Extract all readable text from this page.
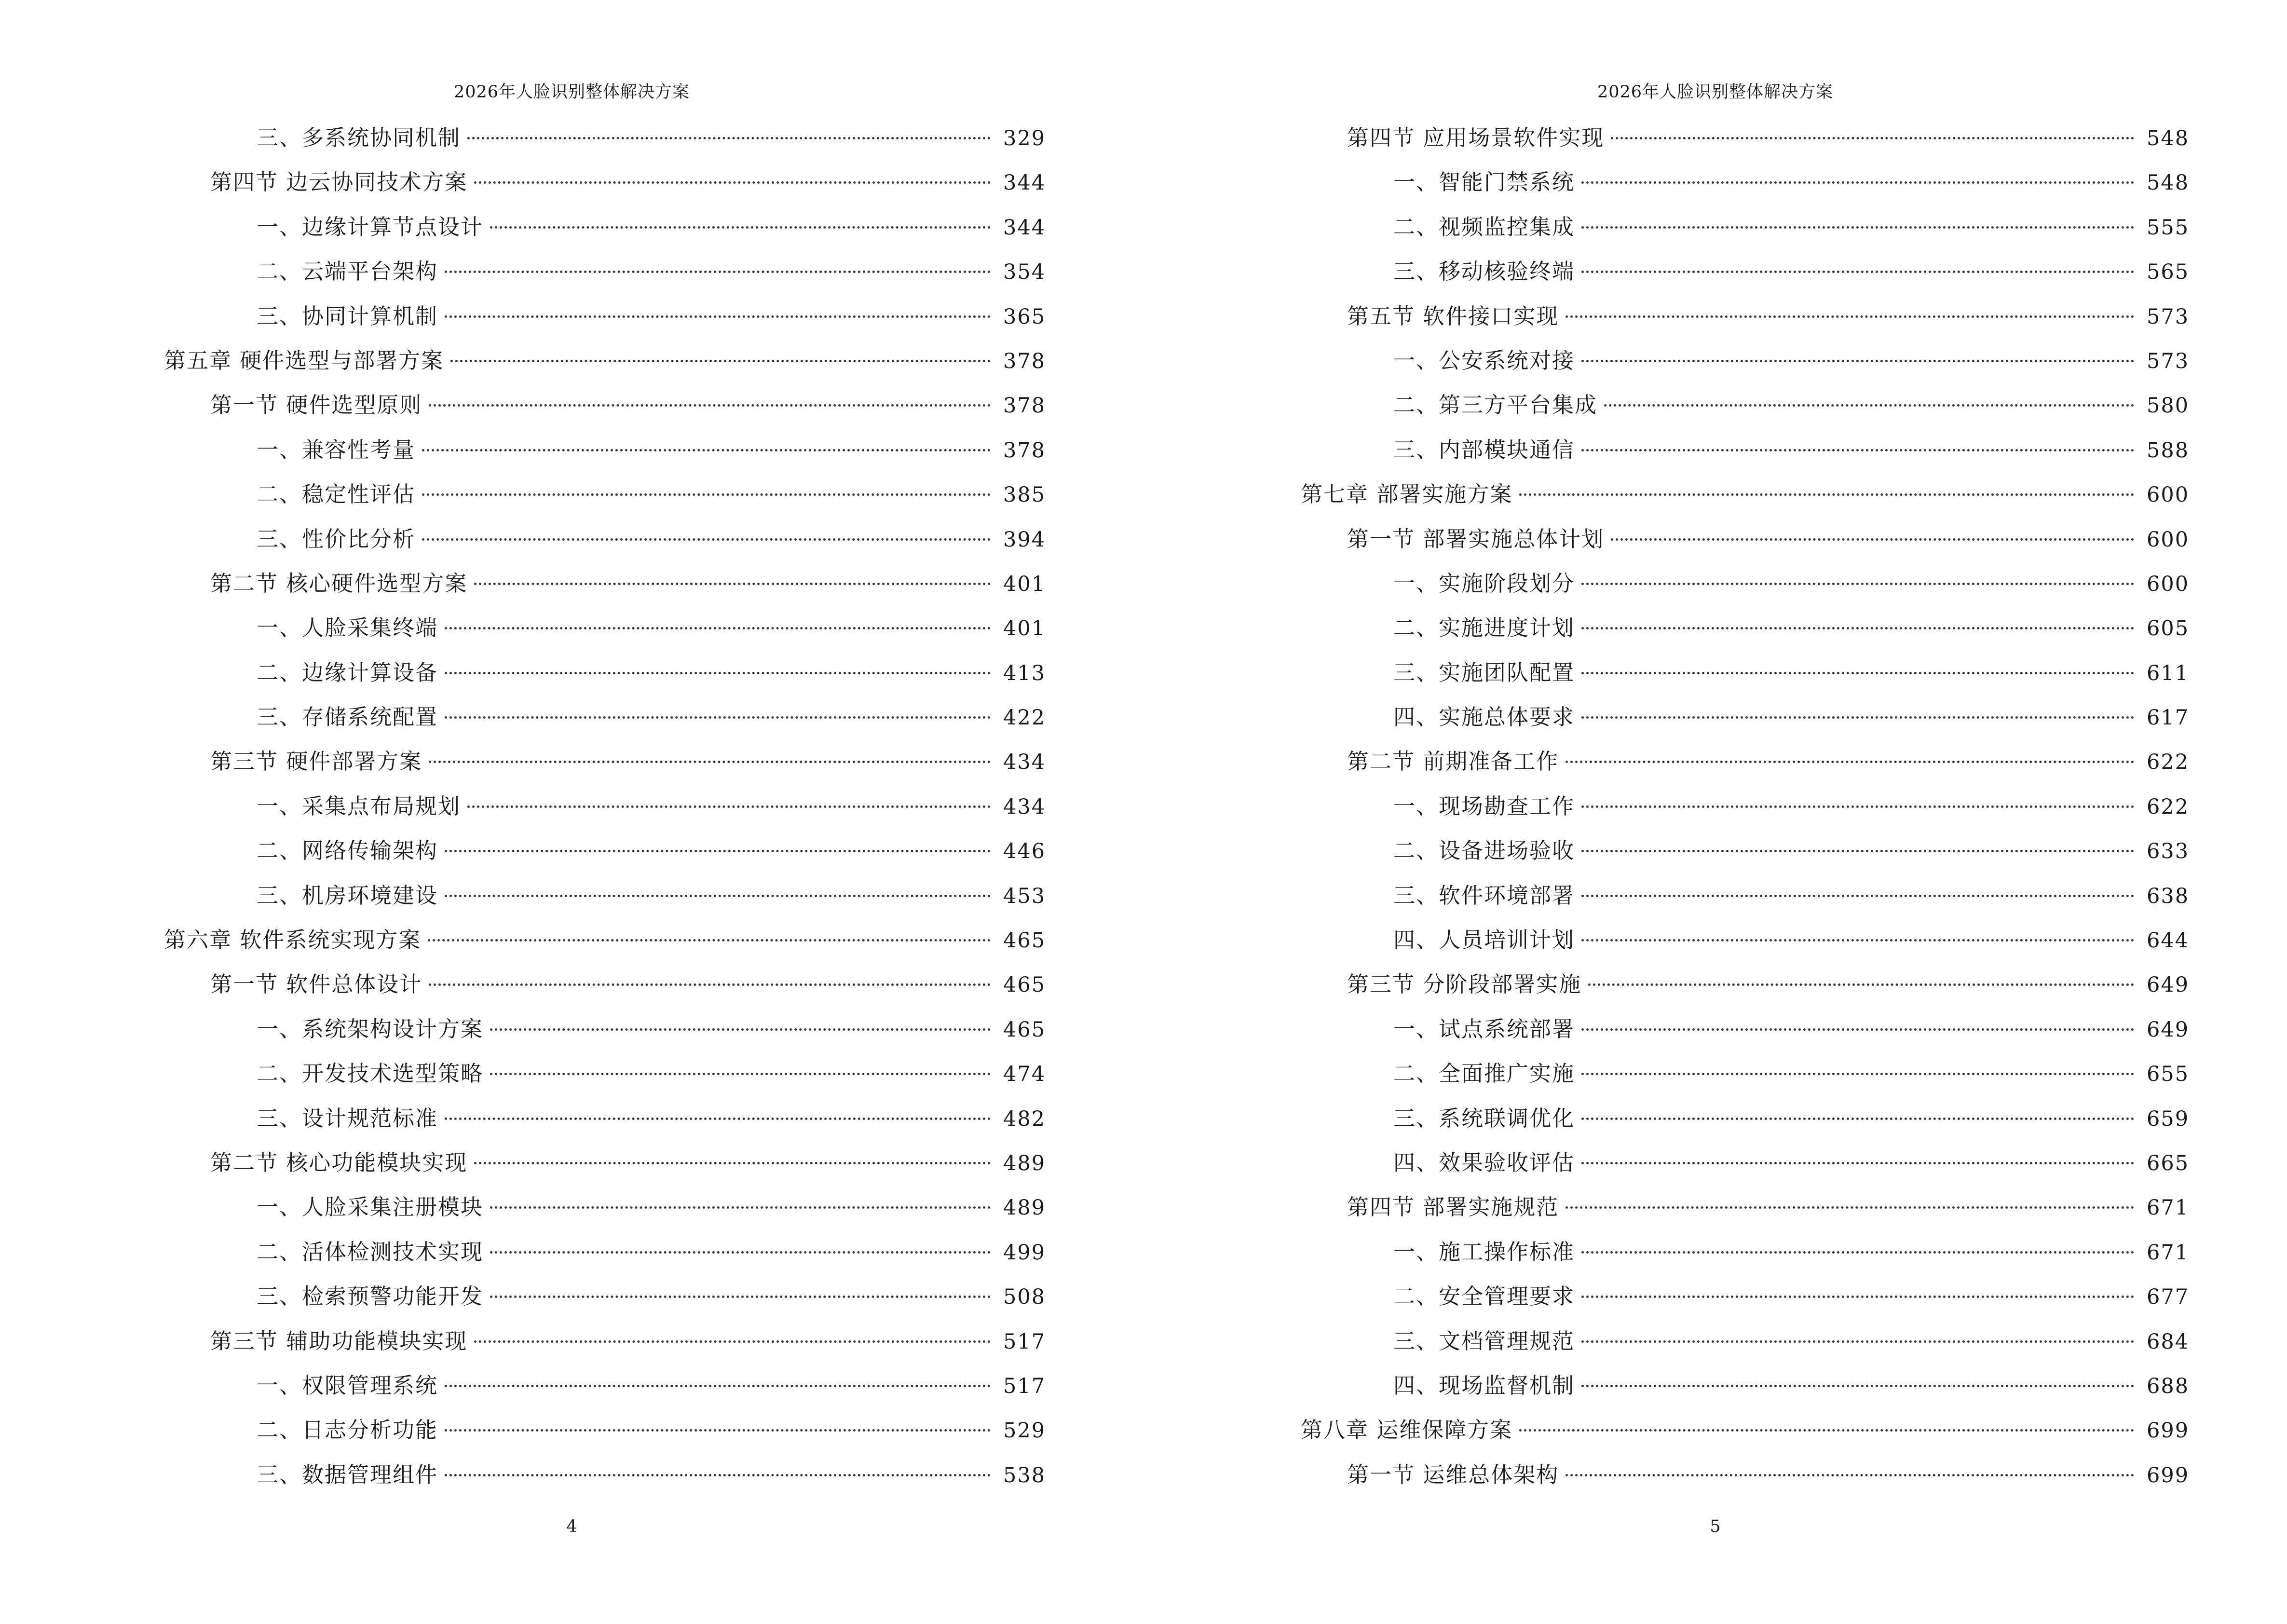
2026年人脸识别整体解决方案
三、多系统协同机制	329
第四节 边云协同技术方案	344
一、边缘计算节点设计	344
二、云端平台架构	354
三、协同计算机制	365
第五章 硬件选型与部署方案	378
第一节 硬件选型原则	378
一、兼容性考量	378
二、稳定性评估	385
三、性价比分析	394
第二节 核心硬件选型方案	401
一、人脸采集终端	401
二、边缘计算设备	413
三、存储系统配置	422
第三节 硬件部署方案	434
一、采集点布局规划	434
二、网络传输架构	446
三、机房环境建设	453
第六章 软件系统实现方案	465
第一节 软件总体设计	465
一、系统架构设计方案	465
二、开发技术选型策略	474
三、设计规范标准	482
第二节 核心功能模块实现	489
一、人脸采集注册模块	489
二、活体检测技术实现	499
三、检索预警功能开发	508
第三节 辅助功能模块实现	517
一、权限管理系统	517
二、日志分析功能	529
三、数据管理组件	538
4
2026年人脸识别整体解决方案
第四节 应用场景软件实现	548
一、智能门禁系统	548
二、视频监控集成	555
三、移动核验终端	565
第五节 软件接口实现	573
一、公安系统对接	573
二、第三方平台集成	580
三、内部模块通信	588
第七章 部署实施方案	600
第一节 部署实施总体计划	600
一、实施阶段划分	600
二、实施进度计划	605
三、实施团队配置	611
四、实施总体要求	617
第二节 前期准备工作	622
一、现场勘查工作	622
二、设备进场验收	633
三、软件环境部署	638
四、人员培训计划	644
第三节 分阶段部署实施	649
一、试点系统部署	649
二、全面推广实施	655
三、系统联调优化	659
四、效果验收评估	665
第四节 部署实施规范	671
一、施工操作标准	671
二、安全管理要求	677
三、文档管理规范	684
四、现场监督机制	688
第八章 运维保障方案	699
第一节 运维总体架构	699
5
